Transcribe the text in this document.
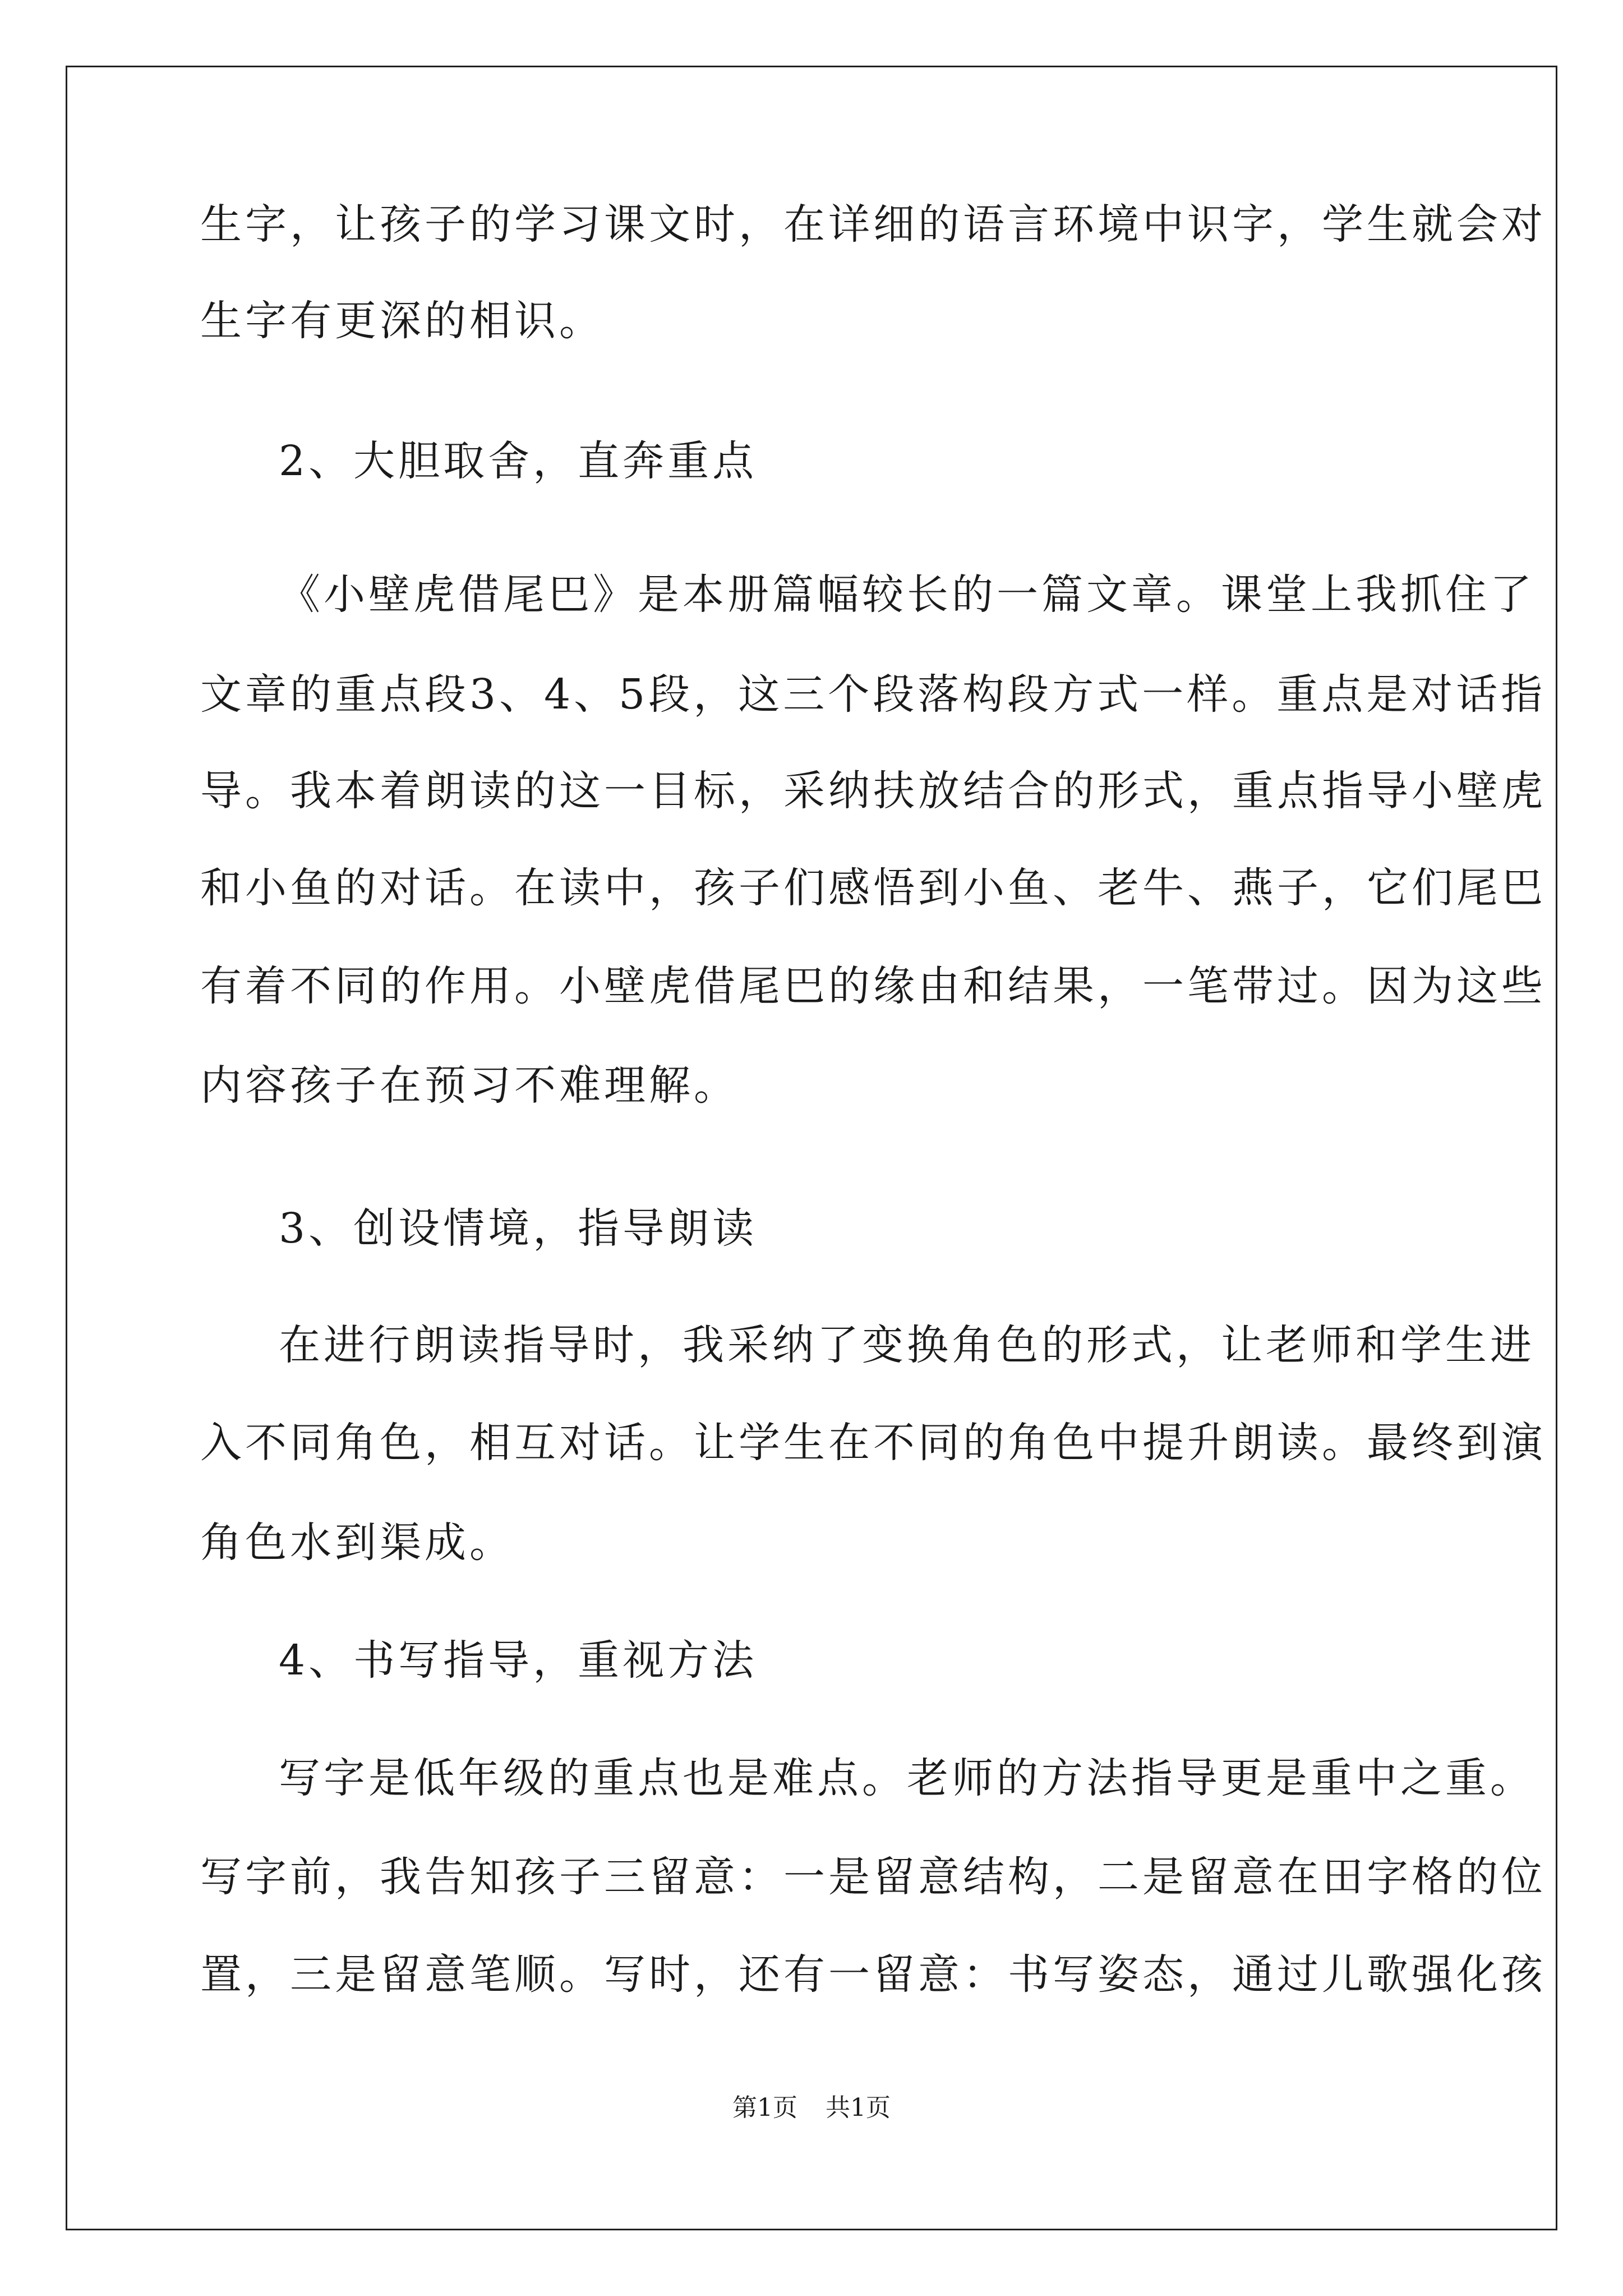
生字，让孩子的学习课文时，在详细的语言环境中识字，学生就会对
生字有更深的相识。
2、大胆取舍，直奔重点
《小壁虎借尾巴》是本册篇幅较长的一篇文章。课堂上我抓住了
文章的重点段3、4、5段，这三个段落构段方式一样。重点是对话指
导。我本着朗读的这一目标，采纳扶放结合的形式，重点指导小壁虎
和小鱼的对话。在读中，孩子们感悟到小鱼、老牛、燕子，它们尾巴
有着不同的作用。小壁虎借尾巴的缘由和结果，一笔带过。因为这些
内容孩子在预习不难理解。
3、创设情境，指导朗读
在进行朗读指导时，我采纳了变换角色的形式，让老师和学生进
入不同角色，相互对话。让学生在不同的角色中提升朗读。最终到演
角色水到渠成。
4、书写指导，重视方法
写字是低年级的重点也是难点。老师的方法指导更是重中之重。
写字前，我告知孩子三留意：一是留意结构，二是留意在田字格的位
置，三是留意笔顺。写时，还有一留意：书写姿态，通过儿歌强化孩
第1页 共1页
